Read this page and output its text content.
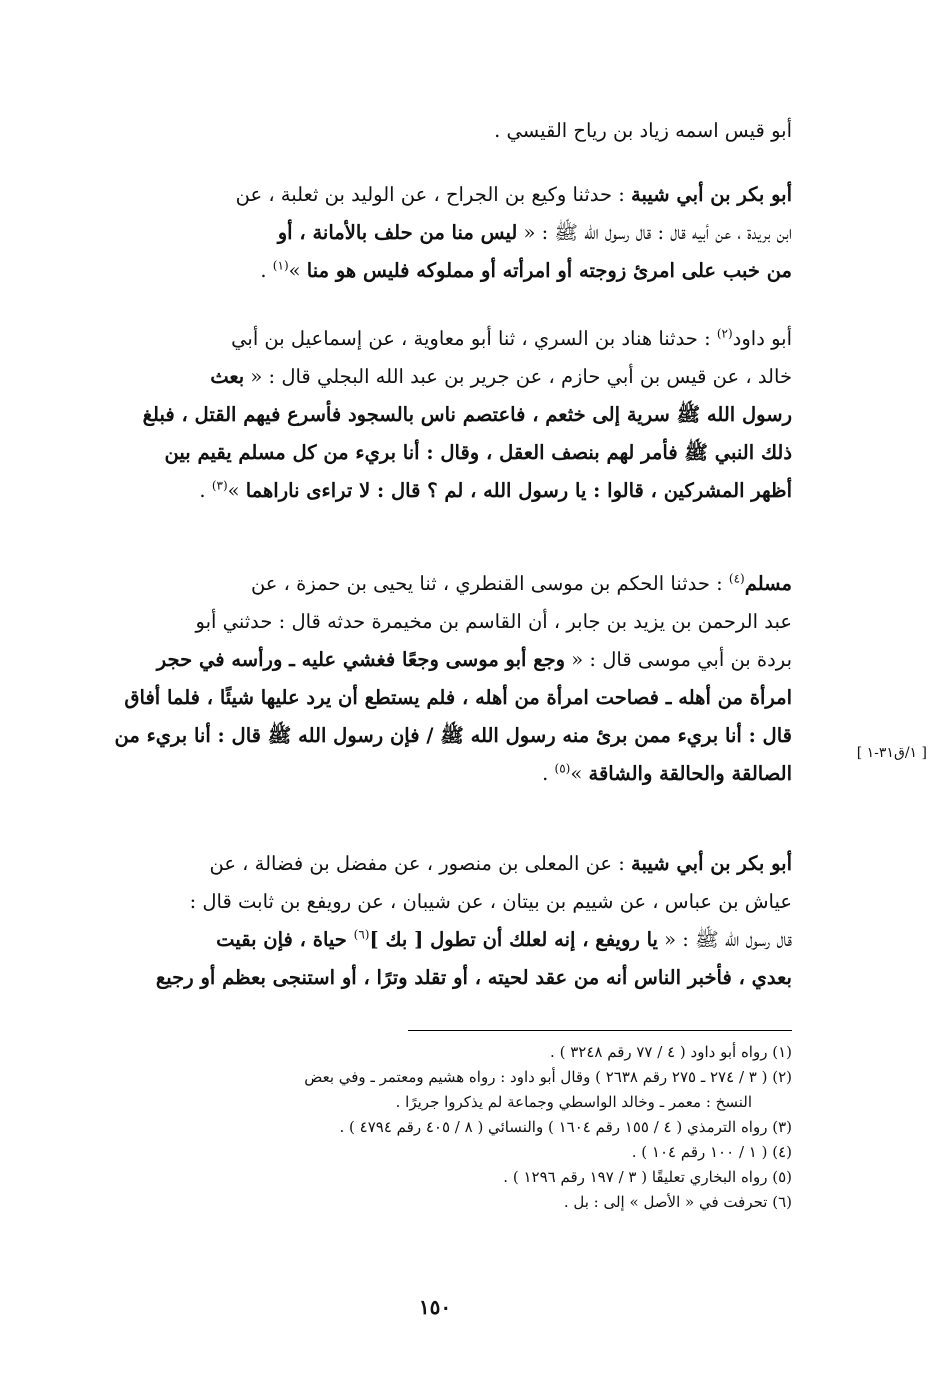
أبو قيس اسمه زياد بن رياح القيسي .
أبو بكر بن أبي شيبة : حدثنا وكيع بن الجراح ، عن الوليد بن ثعلبة ، عن
ابن بريدة ، عن أبيه قال : قال رسول الله ﷺ : « ليس منا من حلف بالأمانة ، أو
من خبب على امرئ زوجته أو امرأته أو مملوكه فليس هو منا »$^{(١)}$ .
أبو داود$^{(٢)}$ : حدثنا هناد بن السري ، ثنا أبو معاوية ، عن إسماعيل بن أبي
خالد ، عن قيس بن أبي حازم ، عن جرير بن عبد الله البجلي قال : « بعث
رسول الله ﷺ سرية إلى خثعم ، فاعتصم ناس بالسجود فأسرع فيهم القتل ، فبلغ
ذلك النبي ﷺ فأمر لهم بنصف العقل ، وقال : أنا بريء من كل مسلم يقيم بين
أظهر المشركين ، قالوا : يا رسول الله ، لم ؟ قال : لا تراءى ناراهما »$^{(٣)}$ .
مسلم$^{(٤)}$ : حدثنا الحكم بن موسى القنطري ، ثنا يحيى بن حمزة ، عن
عبد الرحمن بن يزيد بن جابر ، أن القاسم بن مخيمرة حدثه قال : حدثني أبو
بردة بن أبي موسى قال : « وجع أبو موسى وجعًا فغشي عليه ـ ورأسه في حجر
امرأة من أهله ـ فصاحت امرأة من أهله ، فلم يستطع أن يرد عليها شيئًا ، فلما أفاق
قال : أنا بريء ممن برئ منه رسول الله ﷺ / فإن رسول الله ﷺ قال : أنا بريء من
الصالقة والحالقة والشاقة »$^{(٥)}$ .
أبو بكر بن أبي شيبة : عن المعلى بن منصور ، عن مفضل بن فضالة ، عن
عياش بن عباس ، عن شييم بن بيتان ، عن شيبان ، عن رويفع بن ثابت قال :
قال رسول الله ﷺ : « يا رويفع ، إنه لعلك أن تطول [ بك ]$^{(٦)}$ حياة ، فإن بقيت
بعدي ، فأخبر الناس أنه من عقد لحيته ، أو تقلد وترًا ، أو استنجى بعظم أو رجيع
[ ١/ق٣١-١ ]
(١) رواه أبو داود ( ٤ / ٧٧ رقم ٣٢٤٨ ) .
(٢) ( ٣ / ٢٧٤ ـ ٢٧٥ رقم ٢٦٣٨ ) وقال أبو داود : رواه هشيم ومعتمر ـ وفي بعض
النسخ : معمر ـ وخالد الواسطي وجماعة لم يذكروا جريرًا .
(٣) رواه الترمذي ( ٤ / ١٥٥ رقم ١٦٠٤ ) والنسائي ( ٨ / ٤٠٥ رقم ٤٧٩٤ ) .
(٤) ( ١ / ١٠٠ رقم ١٠٤ ) .
(٥) رواه البخاري تعليقًا ( ٣ / ١٩٧ رقم ١٢٩٦ ) .
(٦) تحرفت في « الأصل » إلى : بل .
١٥٠
